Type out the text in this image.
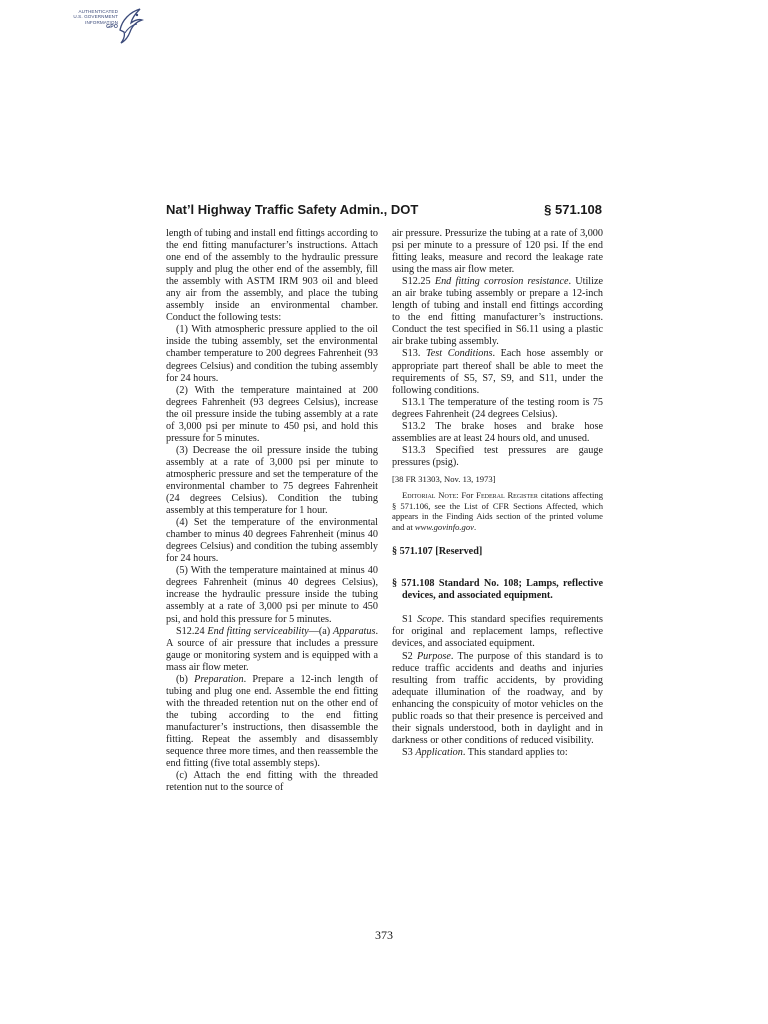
AUTHENTICATED
U.S. GOVERNMENT
INFORMATION
GPO
Nat’l Highway Traffic Safety Admin., DOT	§ 571.108

length of tubing and install end fittings according to the end fitting manufacturer’s instructions. Attach one end of the assembly to the hydraulic pressure supply and plug the other end of the assembly, fill the assembly with ASTM IRM 903 oil and bleed any air from the assembly, and place the tubing assembly inside an environmental chamber. Conduct the following tests:

(1) With atmospheric pressure applied to the oil inside the tubing assembly, set the environmental chamber temperature to 200 degrees Fahrenheit (93 degrees Celsius) and condition the tubing assembly for 24 hours.

(2) With the temperature maintained at 200 degrees Fahrenheit (93 degrees Celsius), increase the oil pressure inside the tubing assembly at a rate of 3,000 psi per minute to 450 psi, and hold this pressure for 5 minutes.

(3) Decrease the oil pressure inside the tubing assembly at a rate of 3,000 psi per minute to atmospheric pressure and set the temperature of the environmental chamber to 75 degrees Fahrenheit (24 degrees Celsius). Condition the tubing assembly at this temperature for 1 hour.

(4) Set the temperature of the environmental chamber to minus 40 degrees Fahrenheit (minus 40 degrees Celsius) and condition the tubing assembly for 24 hours.

(5) With the temperature maintained at minus 40 degrees Fahrenheit (minus 40 degrees Celsius), increase the hydraulic pressure inside the tubing assembly at a rate of 3,000 psi per minute to 450 psi, and hold this pressure for 5 minutes.

S12.24 End fitting serviceability—(a) Apparatus. A source of air pressure that includes a pressure gauge or monitoring system and is equipped with a mass air flow meter.

(b) Preparation. Prepare a 12-inch length of tubing and plug one end. Assemble the end fitting with the threaded retention nut on the other end of the tubing according to the end fitting manufacturer’s instructions, then disassemble the fitting. Repeat the assembly and disassembly sequence three more times, and then reassemble the end fitting (five total assembly steps).

(c) Attach the end fitting with the threaded retention nut to the source of

air pressure. Pressurize the tubing at a rate of 3,000 psi per minute to a pressure of 120 psi. If the end fitting leaks, measure and record the leakage rate using the mass air flow meter.

S12.25 End fitting corrosion resistance. Utilize an air brake tubing assembly or prepare a 12-inch length of tubing and install end fittings according to the end fitting manufacturer’s instructions. Conduct the test specified in S6.11 using a plastic air brake tubing assembly.

S13. Test Conditions. Each hose assembly or appropriate part thereof shall be able to meet the requirements of S5, S7, S9, and S11, under the following conditions.

S13.1 The temperature of the testing room is 75 degrees Fahrenheit (24 degrees Celsius).

S13.2 The brake hoses and brake hose assemblies are at least 24 hours old, and unused.

S13.3 Specified test pressures are gauge pressures (psig).

[38 FR 31303, Nov. 13, 1973]

Editorial Note: For Federal Register citations affecting § 571.106, see the List of CFR Sections Affected, which appears in the Finding Aids section of the printed volume and at www.govinfo.gov.

§ 571.107 [Reserved]

§ 571.108 Standard No. 108; Lamps, reflective devices, and associated equipment.

S1 Scope. This standard specifies requirements for original and replacement lamps, reflective devices, and associated equipment.

S2 Purpose. The purpose of this standard is to reduce traffic accidents and deaths and injuries resulting from traffic accidents, by providing adequate illumination of the roadway, and by enhancing the conspicuity of motor vehicles on the public roads so that their presence is perceived and their signals understood, both in daylight and in darkness or other conditions of reduced visibility.

S3 Application. This standard applies to:

373
